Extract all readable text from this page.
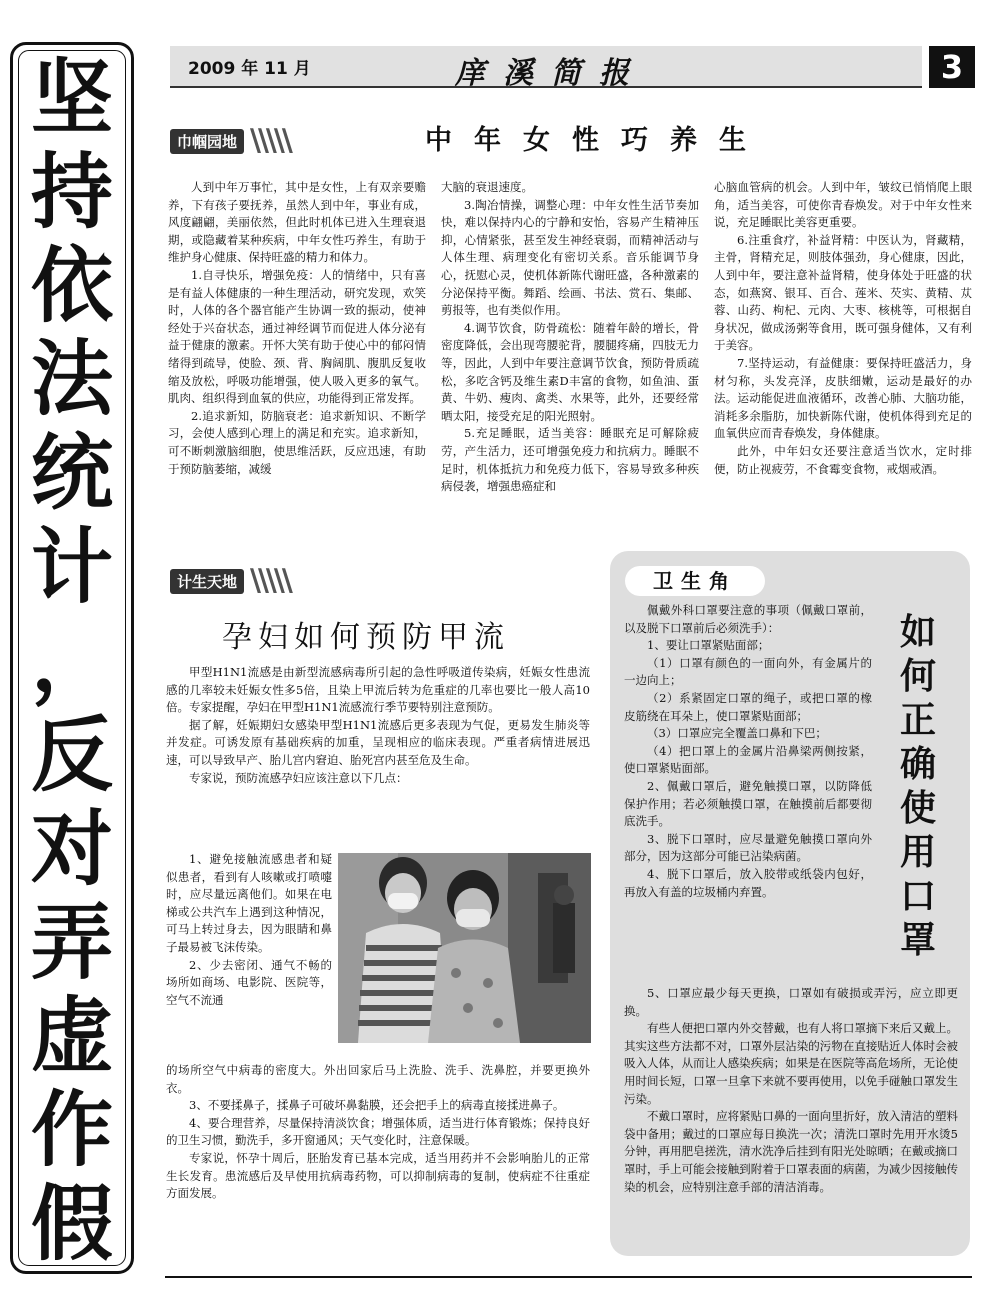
坚
持
依
法
统
计
，
反
对
弄
虚
作
假
2009 年 11 月	庠溪简报	3
巾帼园地 \\\\\	中年女性巧养生

人到中年万事忙，其中是女性，上有双亲要赡养，下有孩子要抚养，虽然人到中年，事业有成，风度翩翩，美丽依然，但此时机体已进入生理衰退期，或隐藏着某种疾病，中年女性巧养生，有助于维护身心健康、保持旺盛的精力和体力。

1.自寻快乐，增强免疫：人的情绪中，只有喜是有益人体健康的一种生理活动，研究发现，欢笑时，人体的各个器官能产生协调一致的振动，使神经处于兴奋状态，通过神经调节而促进人体分泌有益于健康的激素。开怀大笑有助于使心中的郁闷情绪得到疏导，使脸、颈、背、胸阔肌、腹肌反复收缩及放松，呼吸功能增强，使人吸入更多的氧气。肌肉、组织得到血氧的供应，功能得到正常发挥。

2.追求新知，防脑衰老：追求新知识、不断学习，会使人感到心理上的满足和充实。追求新知，可不断刺激脑细胞，使思维活跃，反应迅速，有助于预防脑萎缩，减缓

大脑的衰退速度。

3.陶冶情操，调整心理：中年女性生活节奏加快，难以保持内心的宁静和安怡，容易产生精神压抑，心情紧张，甚至发生神经衰弱，而精神活动与人体生理、病理变化有密切关系。音乐能调节身心，抚慰心灵，使机体新陈代谢旺盛，各种激素的分泌保持平衡。舞蹈、绘画、书法、赏石、集邮、剪报等，也有类似作用。

4.调节饮食，防骨疏松：随着年龄的增长，骨密度降低，会出现弯腰驼背，腰腿疼痛，四肢无力等，因此，人到中年要注意调节饮食，预防骨质疏松，多吃含钙及维生素D丰富的食物，如鱼油、蛋黄、牛奶、瘦肉、禽类、水果等，此外，还要经常晒太阳，接受充足的阳光照射。

5.充足睡眠，适当美容：睡眠充足可解除疲劳，产生活力，还可增强免疫力和抗病力。睡眠不足时，机体抵抗力和免疫力低下，容易导致多种疾病侵袭，增强患癌症和

心脑血管病的机会。人到中年，皱纹已悄悄爬上眼角，适当美容，可使你青春焕发。对于中年女性来说，充足睡眠比美容更重要。

6.注重食疗，补益肾精：中医认为，肾藏精，主骨，肾精充足，则肢体强劲，身心健康，因此，人到中年，要注意补益肾精，使身体处于旺盛的状态，如燕窝、银耳、百合、莲米、芡实、黄精、苁蓉、山药、枸杞、元肉、大枣、核桃等，可根据自身状况，做成汤粥等食用，既可强身健体，又有利于美容。

7.坚持运动，有益健康：要保持旺盛活力，身材匀称，头发亮泽，皮肤细嫩，运动是最好的办法。运动能促进血液循环，改善心肺、大脑功能，消耗多余脂肪，加快新陈代谢，使机体得到充足的血氧供应而青春焕发，身体健康。

此外，中年妇女还要注意适当饮水，定时排便，防止视疲劳，不食霉变食物，戒烟戒酒。

计生天地 \\\\\
孕妇如何预防甲流

甲型H1N1流感是由新型流感病毒所引起的急性呼吸道传染病，妊娠女性患流感的几率较未妊娠女性多5倍，且染上甲流后转为危重症的几率也要比一般人高10倍。专家提醒，孕妇在甲型H1N1流感流行季节要特别注意预防。

据了解，妊娠期妇女感染甲型H1N1流感后更多表现为气促，更易发生肺炎等并发症。可诱发原有基础疾病的加重，呈现相应的临床表现。严重者病情进展迅速，可以导致早产、胎儿宫内窘迫、胎死宫内甚至危及生命。

专家说，预防流感孕妇应该注意以下几点：

1、避免接触流感患者和疑似患者，看到有人咳嗽或打喷嚏时，应尽量远离他们。如果在电梯或公共汽车上遇到这种情况，可马上转过身去，因为眼睛和鼻子最易被飞沫传染。

2、少去密闭、通气不畅的场所如商场、电影院、医院等，空气不流通

的场所空气中病毒的密度大。外出回家后马上洗脸、洗手、洗鼻腔，并要更换外衣。

3、不要揉鼻子，揉鼻子可破坏鼻黏膜，还会把手上的病毒直接揉进鼻子。

4、要合理营养，尽量保持清淡饮食；增强体质，适当进行体育锻炼；保持良好的卫生习惯，勤洗手，多开窗通风；天气变化时，注意保暖。

专家说，怀孕十周后，胚胎发育已基本完成，适当用药并不会影响胎儿的正常生长发育。患流感后及早使用抗病毒药物，可以抑制病毒的复制，使病症不往重症方面发展。

卫生角
如
何
正
确
使
用
口
罩

佩戴外科口罩要注意的事项（佩戴口罩前，以及脱下口罩前后必须洗手）：

1、要让口罩紧贴面部；

（1）口罩有颜色的一面向外，有金属片的一边向上；

（2）系紧固定口罩的绳子，或把口罩的橡皮筋绕在耳朵上，使口罩紧贴面部；

（3）口罩应完全覆盖口鼻和下巴；

（4）把口罩上的金属片沿鼻梁两侧按紧，使口罩紧贴面部。

2、佩戴口罩后，避免触摸口罩，以防降低保护作用；若必须触摸口罩，在触摸前后都要彻底洗手。

3、脱下口罩时，应尽量避免触摸口罩向外部分，因为这部分可能已沾染病菌。

4、脱下口罩后，放入胶带或纸袋内包好，再放入有盖的垃圾桶内弃置。

5、口罩应最少每天更换，口罩如有破损或弄污，应立即更换。

有些人便把口罩内外交替戴，也有人将口罩摘下来后又戴上。其实这些方法都不对，口罩外层沾染的污物在直接贴近人体时会被吸入人体，从而让人感染疾病；如果是在医院等高危场所，无论使用时间长短，口罩一旦拿下来就不要再使用，以免手碰触口罩发生污染。

不戴口罩时，应将紧贴口鼻的一面向里折好，放入清洁的塑料袋中备用；戴过的口罩应每日换洗一次；清洗口罩时先用开水烫5分钟，再用肥皂搓洗，清水洗净后挂到有阳光处晾晒；在戴或摘口罩时，手上可能会接触到附着于口罩表面的病菌，为减少因接触传染的机会，应特别注意手部的清洁消毒。
